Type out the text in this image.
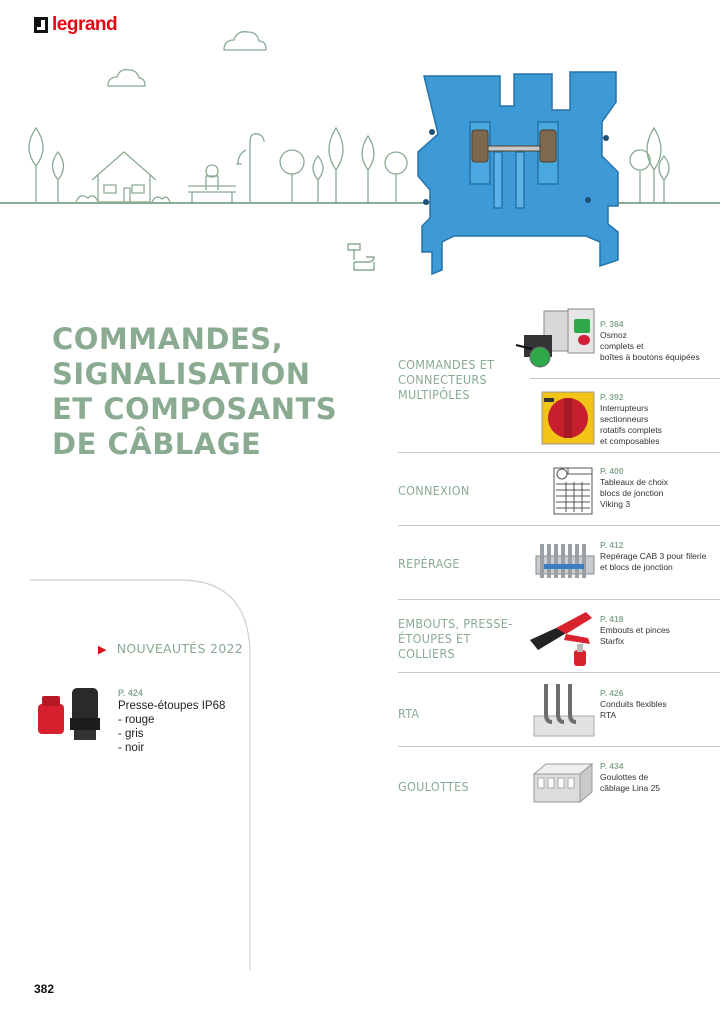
legrand
COMMANDES,
SIGNALISATION
ET COMPOSANTS
DE CÂBLAGE
COMMANDES ET
CONNECTEURS
MULTIPÔLES
P. 384
Osmoz
complets et
boîtes à boutons équipées
P. 392
Interrupteurs
sectionneurs
rotatifs complets
et composables
CONNEXION
P. 400
Tableaux de choix
blocs de jonction
Viking 3
REPÉRAGE
P. 412
Repérage CAB 3 pour filerie
et blocs de jonction
EMBOUTS, PRESSE-
ÉTOUPES ET
COLLIERS
P. 418
Embouts et pinces
Starfix
RTA
P. 426
Conduits flexibles
RTA
GOULOTTES
P. 434
Goulottes de
câblage Lina 25
▶ NOUVEAUTÉS 2022
P. 424
Presse-étoupes IP68
- rouge
- gris
- noir
382
